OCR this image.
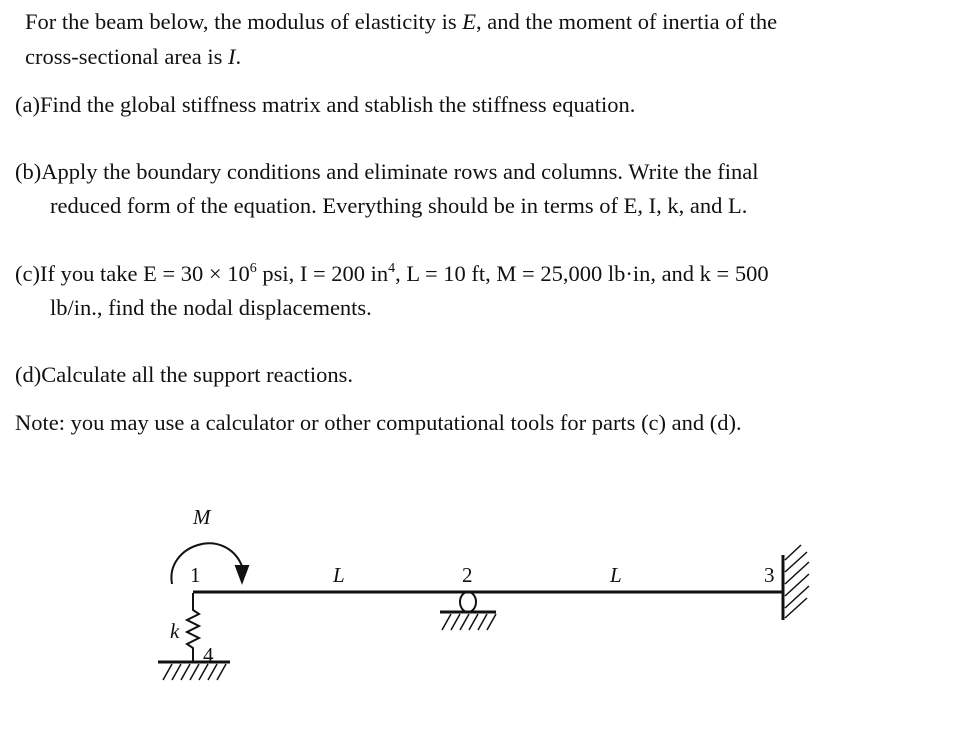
For the beam below, the modulus of elasticity is E, and the moment of inertia of the
cross-sectional area is I.
(a)Find the global stiffness matrix and stablish the stiffness equation.
(b)Apply the boundary conditions and eliminate rows and columns. Write the final
reduced form of the equation. Everything should be in terms of E, I, k, and L.
(c)If you take $E = 30 \times 10^6$ psi, I = 200 $in^4$, L = 10 ft, M = 25,000 lb·in, and k = 500
lb/in., find the nodal displacements.
(d)Calculate all the support reactions.
Note: you may use a calculator or other computational tools for parts (c) and (d).
M
1	L	2	L	3
k
4
